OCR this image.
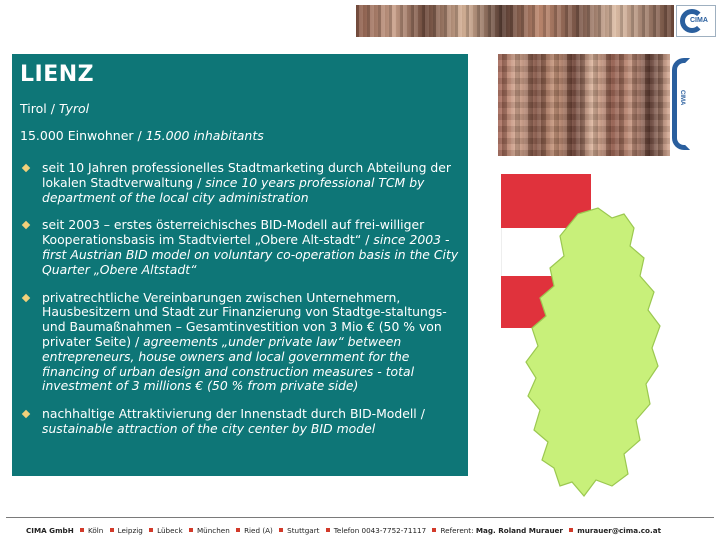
CIMA
LIENZ
Tirol / Tyrol
15.000 Einwohner / 15.000 inhabitants
seit 10 Jahren professionelles Stadtmarketing durch Abteilung der lokalen Stadtverwaltung / since 10 years professional TCM by department of the local city administration
seit 2003 – erstes österreichisches BID-Modell auf frei-williger Kooperationsbasis im Stadtviertel „Obere Alt-stadt“ / since 2003 - first Austrian BID model on voluntary co-operation basis in the City Quarter „Obere Altstadt“
privatrechtliche Vereinbarungen zwischen Unternehmern, Hausbesitzern und Stadt zur Finanzierung von Stadtge-staltungs- und Baumaßnahmen – Gesamtinvestition von 3 Mio € (50 % von privater Seite) / agreements „under private law“ between entrepreneurs, house owners and local government for the financing of urban design and construction measures - total investment of 3 millions € (50 % from private side)
nachhaltige Attraktivierung der Innenstadt durch BID-Modell / sustainable attraction of the city center by BID model
CIMA
CIMA GmbH Köln Leipzig Lübeck München Ried (A) Stuttgart Telefon 0043-7752-71117 Referent: Mag. Roland Murauer murauer@cima.co.at
